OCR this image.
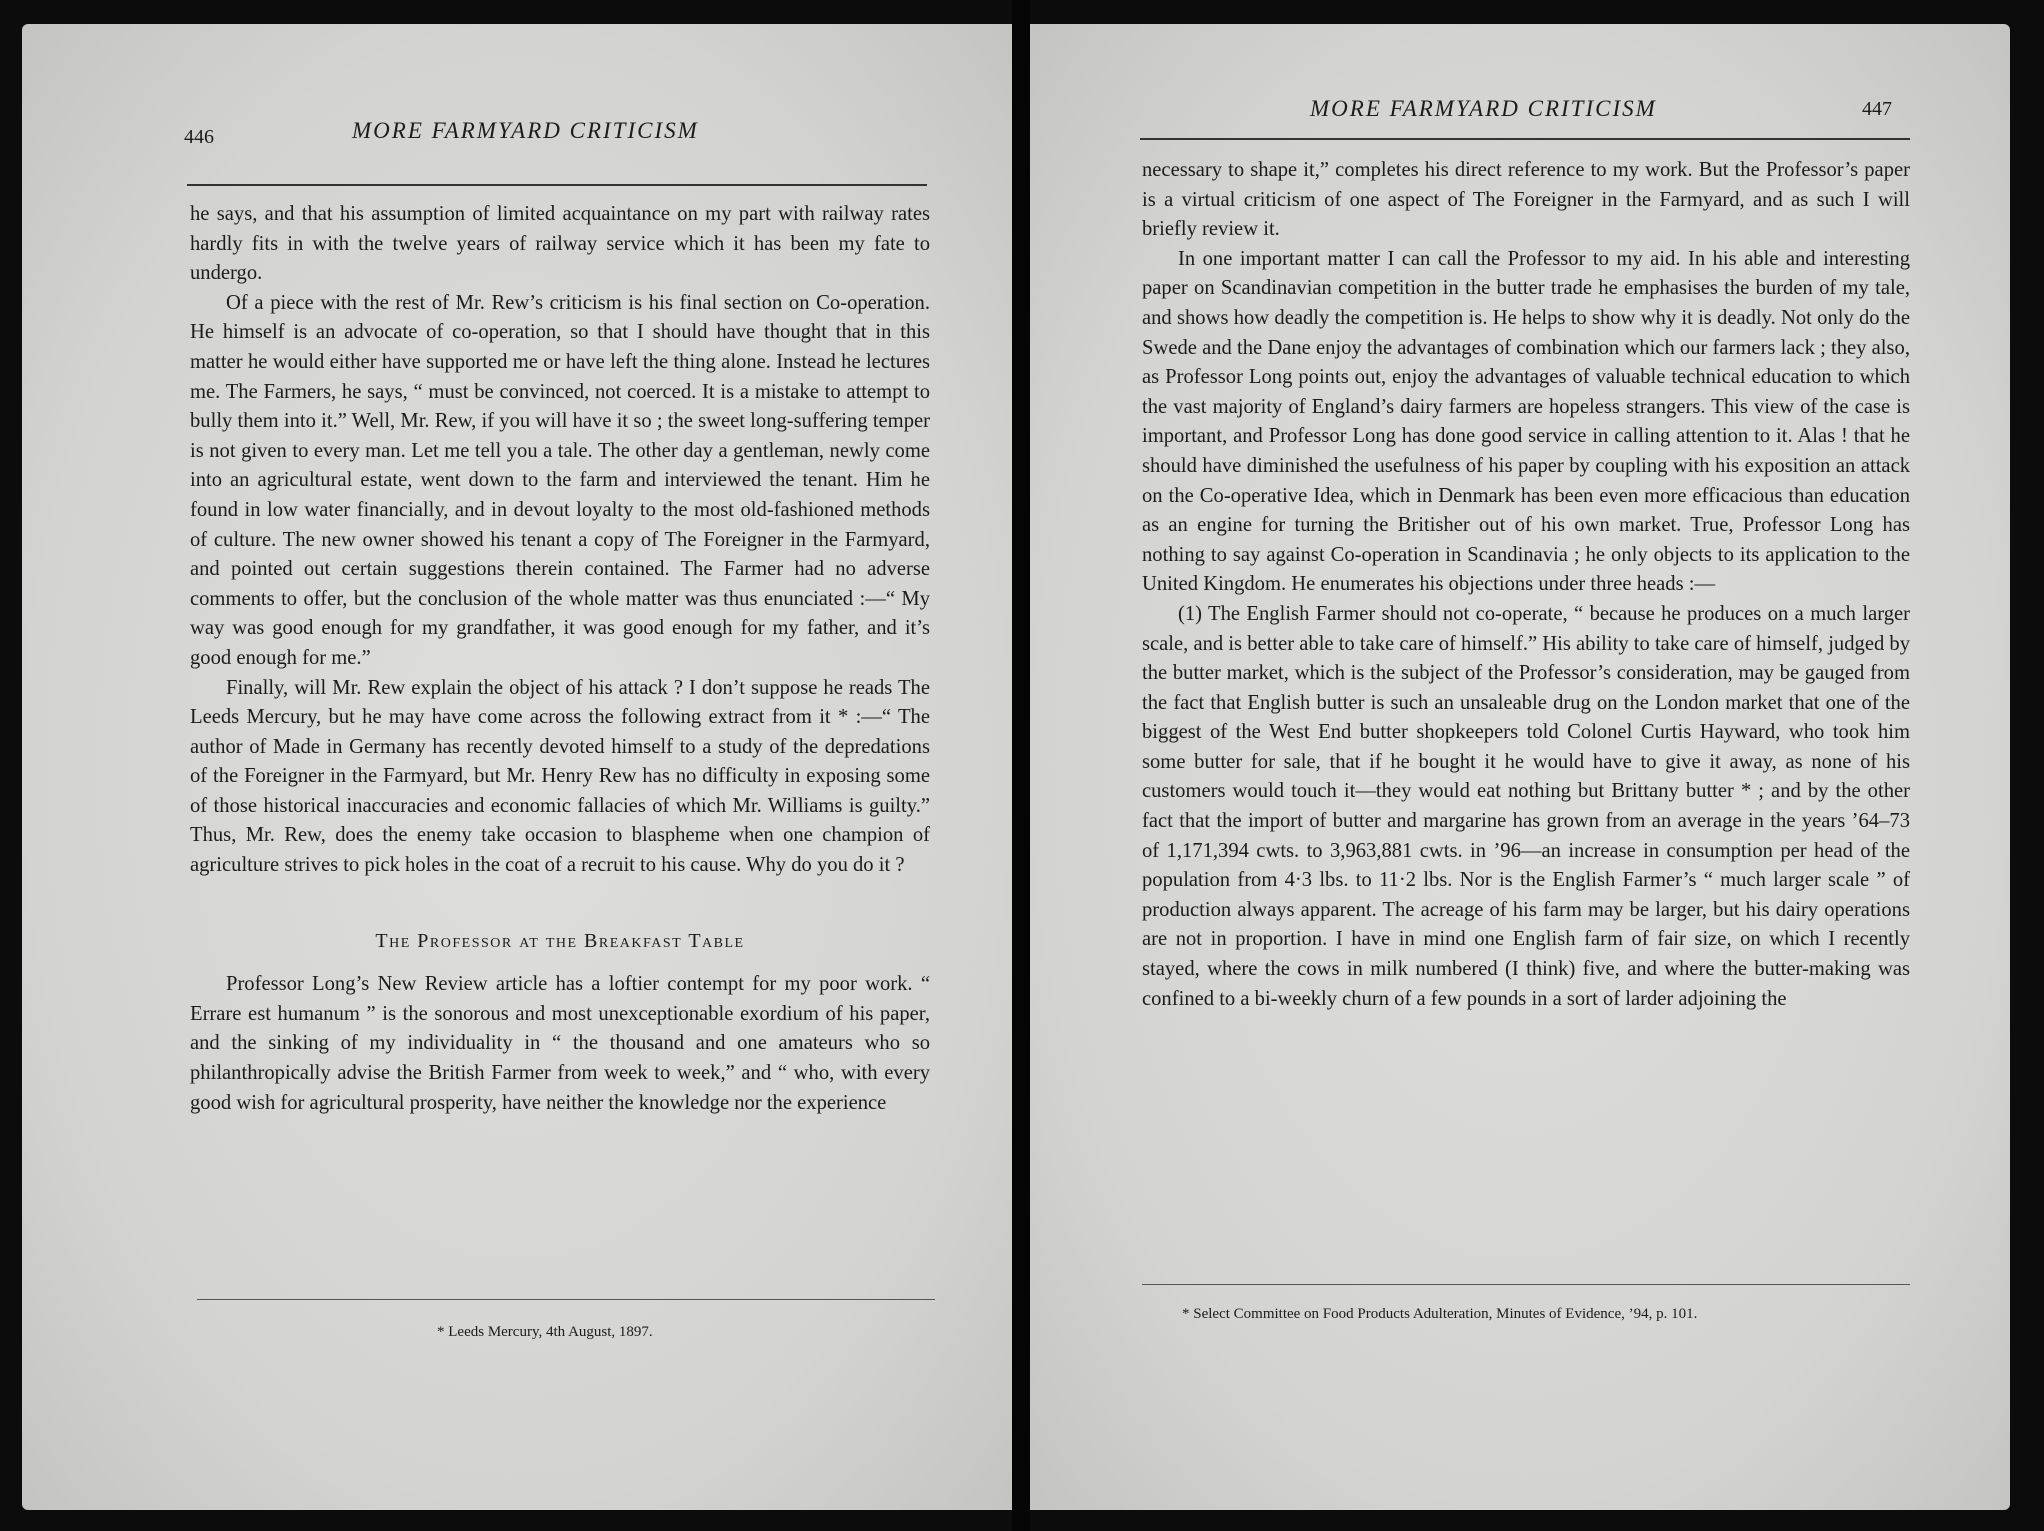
446	MORE FARMYARD CRITICISM

he says, and that his assumption of limited acquaintance on my part with railway rates hardly fits in with the twelve years of railway service which it has been my fate to undergo.

Of a piece with the rest of Mr. Rew’s criticism is his final section on Co-operation. He himself is an advocate of co-operation, so that I should have thought that in this matter he would either have supported me or have left the thing alone. Instead he lectures me. The Farmers, he says, “ must be convinced, not coerced. It is a mistake to attempt to bully them into it.” Well, Mr. Rew, if you will have it so ; the sweet long-suffering temper is not given to every man. Let me tell you a tale. The other day a gentleman, newly come into an agricultural estate, went down to the farm and interviewed the tenant. Him he found in low water financially, and in devout loyalty to the most old-fashioned methods of culture. The new owner showed his tenant a copy of The Foreigner in the Farmyard, and pointed out certain suggestions therein contained. The Farmer had no adverse comments to offer, but the conclusion of the whole matter was thus enunciated :—“ My way was good enough for my grandfather, it was good enough for my father, and it’s good enough for me.”

Finally, will Mr. Rew explain the object of his attack ? I don’t suppose he reads The Leeds Mercury, but he may have come across the following extract from it * :—“ The author of Made in Germany has recently devoted himself to a study of the depredations of the Foreigner in the Farmyard, but Mr. Henry Rew has no difficulty in exposing some of those historical inaccuracies and economic fallacies of which Mr. Williams is guilty.” Thus, Mr. Rew, does the enemy take occasion to blaspheme when one champion of agriculture strives to pick holes in the coat of a recruit to his cause. Why do you do it ?

The Professor at the Breakfast Table

Professor Long’s New Review article has a loftier contempt for my poor work. “ Errare est humanum ” is the sonorous and most unexceptionable exordium of his paper, and the sinking of my individuality in “ the thousand and one amateurs who so philanthropically advise the British Farmer from week to week,” and “ who, with every good wish for agricultural prosperity, have neither the knowledge nor the experience

* Leeds Mercury, 4th August, 1897.
MORE FARMYARD CRITICISM	447

necessary to shape it,” completes his direct reference to my work. But the Professor’s paper is a virtual criticism of one aspect of The Foreigner in the Farmyard, and as such I will briefly review it.

In one important matter I can call the Professor to my aid. In his able and interesting paper on Scandinavian competition in the butter trade he emphasises the burden of my tale, and shows how deadly the competition is. He helps to show why it is deadly. Not only do the Swede and the Dane enjoy the advantages of combination which our farmers lack ; they also, as Professor Long points out, enjoy the advantages of valuable technical education to which the vast majority of England’s dairy farmers are hopeless strangers. This view of the case is important, and Professor Long has done good service in calling attention to it. Alas ! that he should have diminished the usefulness of his paper by coupling with his exposition an attack on the Co-operative Idea, which in Denmark has been even more efficacious than education as an engine for turning the Britisher out of his own market. True, Professor Long has nothing to say against Co-operation in Scandinavia ; he only objects to its application to the United Kingdom. He enumerates his objections under three heads :—

(1) The English Farmer should not co-operate, “ because he produces on a much larger scale, and is better able to take care of himself.” His ability to take care of himself, judged by the butter market, which is the subject of the Professor’s consideration, may be gauged from the fact that English butter is such an unsaleable drug on the London market that one of the biggest of the West End butter shopkeepers told Colonel Curtis Hayward, who took him some butter for sale, that if he bought it he would have to give it away, as none of his customers would touch it—they would eat nothing but Brittany butter * ; and by the other fact that the import of butter and margarine has grown from an average in the years ’64–73 of 1,171,394 cwts. to 3,963,881 cwts. in ’96—an increase in consumption per head of the population from 4·3 lbs. to 11·2 lbs. Nor is the English Farmer’s “ much larger scale ” of production always apparent. The acreage of his farm may be larger, but his dairy operations are not in proportion. I have in mind one English farm of fair size, on which I recently stayed, where the cows in milk numbered (I think) five, and where the butter-making was confined to a bi-weekly churn of a few pounds in a sort of larder adjoining the

* Select Committee on Food Products Adulteration, Minutes of Evidence, ’94, p. 101.
